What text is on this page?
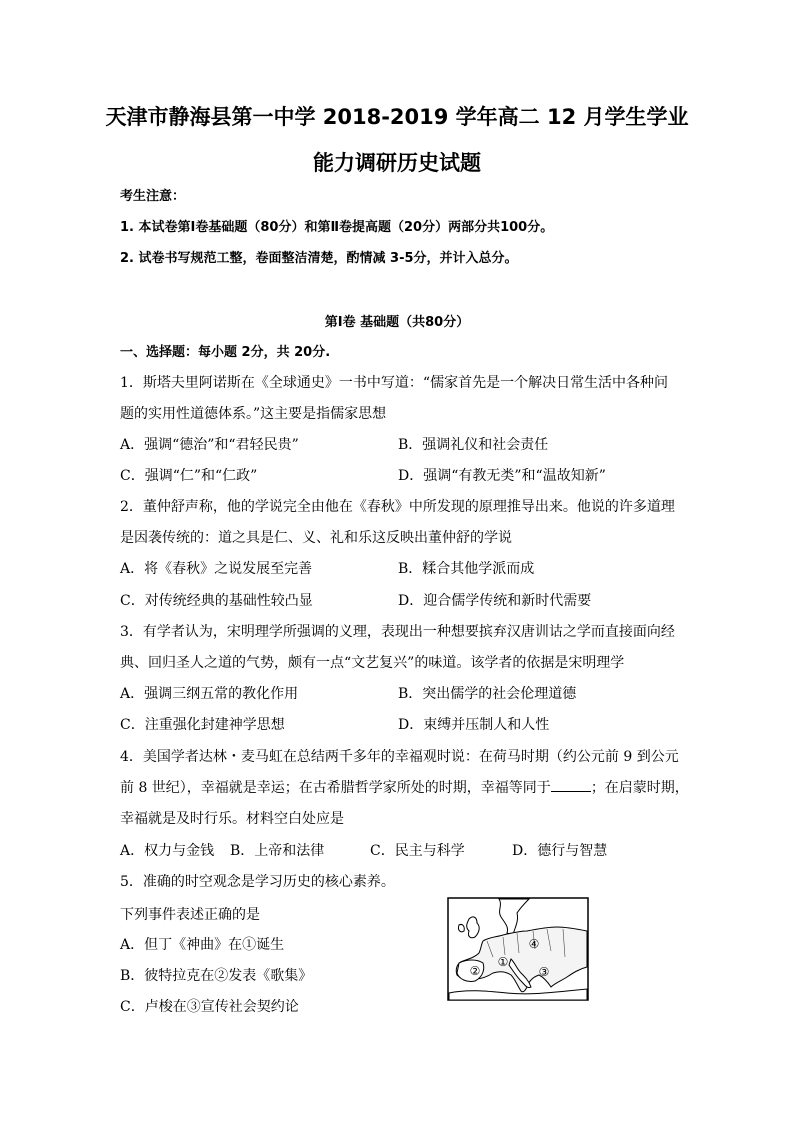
天津市静海县第一中学 2018-2019 学年高二 12 月学生学业
能力调研历史试题
考生注意：
1. 本试卷第Ⅰ卷基础题（80分）和第Ⅱ卷提高题（20分）两部分共100分。
2. 试卷书写规范工整，卷面整洁清楚，酌情减 3-5分，并计入总分。
第Ⅰ卷 基础题（共80分）
一、选择题：每小题 2分，共 20分.
1．斯塔夫里阿诺斯在《全球通史》一书中写道：“儒家首先是一个解决日常生活中各种问
题的实用性道德体系。”这主要是指儒家思想
A．强调“德治”和“君轻民贵”	B．强调礼仪和社会责任
C．强调“仁”和“仁政”	D．强调“有教无类”和“温故知新”
2．董仲舒声称，他的学说完全由他在《春秋》中所发现的原理推导出来。他说的许多道理
是因袭传统的：道之具是仁、义、礼和乐这反映出董仲舒的学说
A．将《春秋》之说发展至完善	B．糅合其他学派而成
C．对传统经典的基础性较凸显	D．迎合儒学传统和新时代需要
3．有学者认为，宋明理学所强调的义理，表现出一种想要摈弃汉唐训诂之学而直接面向经
典、回归圣人之道的气势，颇有一点“文艺复兴”的味道。该学者的依据是宋明理学
A．强调三纲五常的教化作用	B．突出儒学的社会伦理道德
C．注重强化封建神学思想	D．束缚并压制人和人性
4．美国学者达林・麦马虹在总结两千多年的幸福观时说：在荷马时期（约公元前 9 到公元
前 8 世纪），幸福就是幸运；在古希腊哲学家所处的时期，幸福等同于	；在启蒙时期，
幸福就是及时行乐。材料空白处应是
A．权力与金钱 B．上帝和法律	C．民主与科学	D．德行与智慧
5．准确的时空观念是学习历史的核心素养。
下列事件表述正确的是
A．但丁《神曲》在①诞生
B．彼特拉克在②发表《歌集》
C．卢梭在③宣传社会契约论
①
②	③
④
